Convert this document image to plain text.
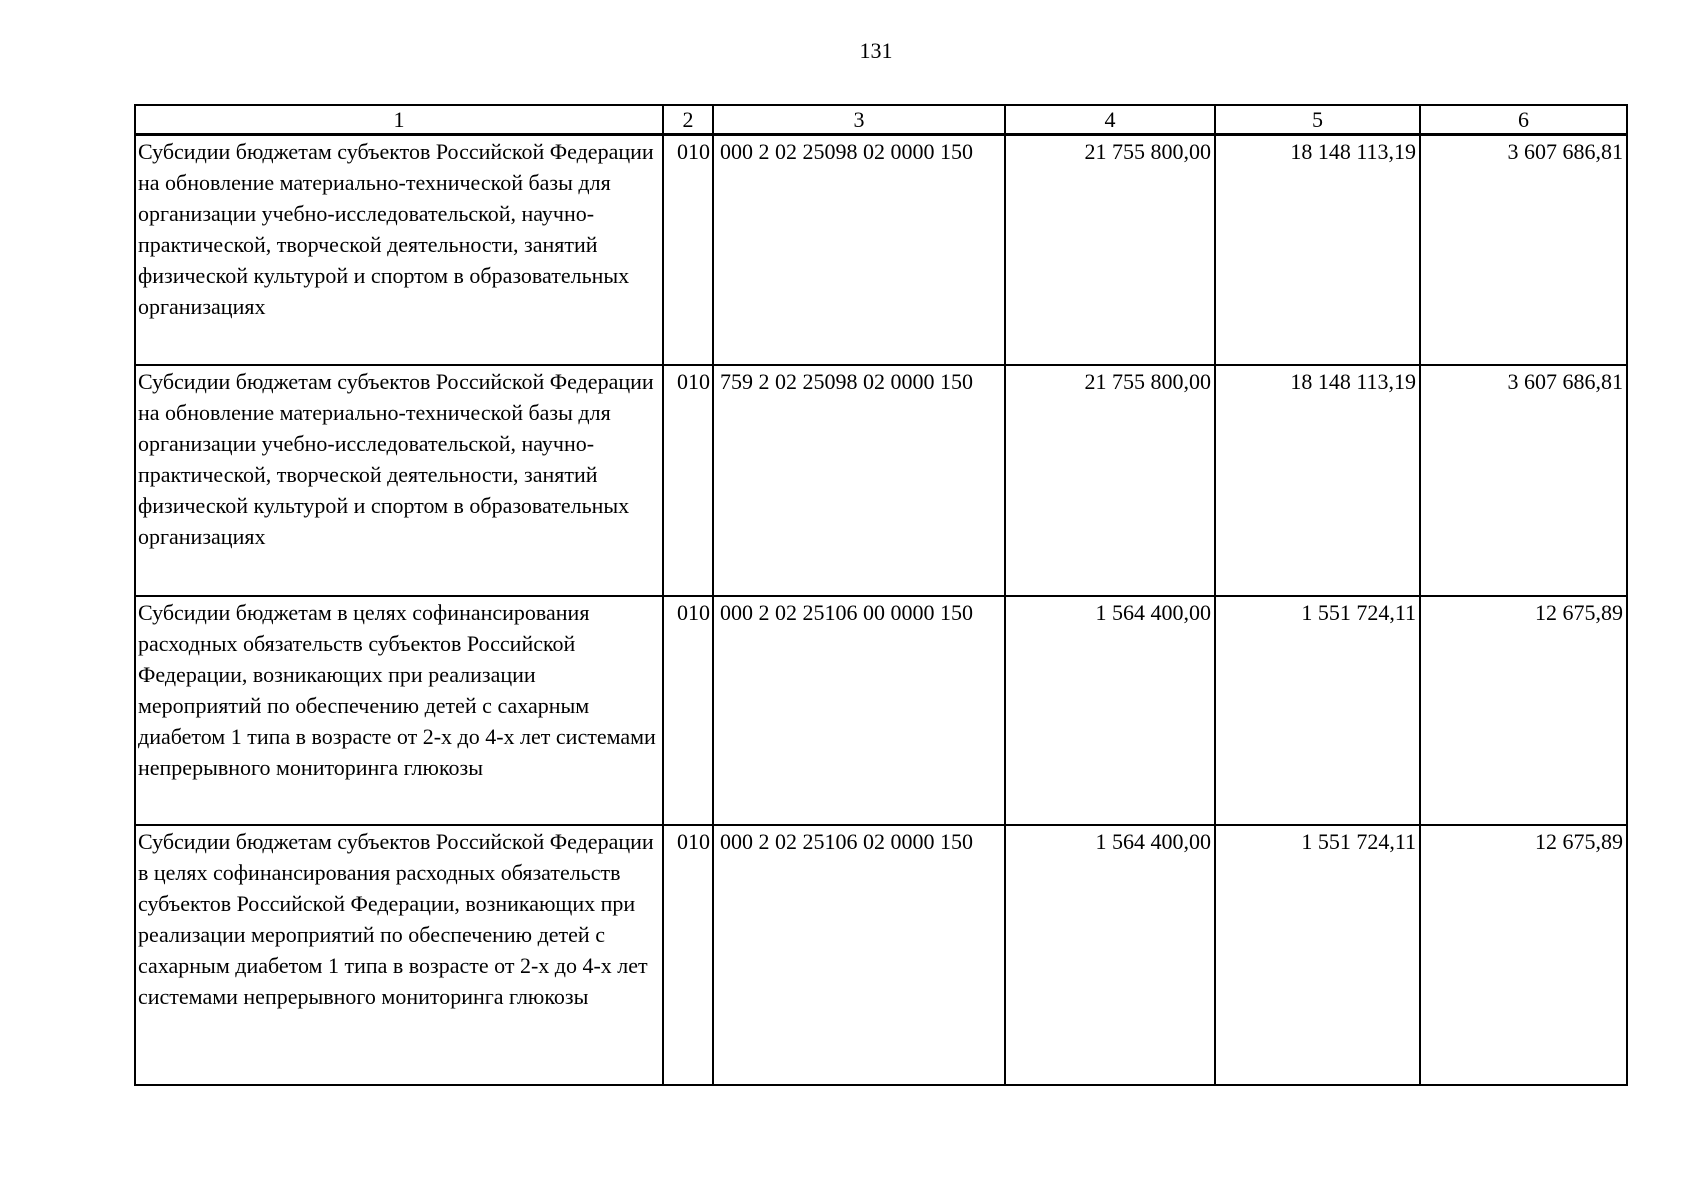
131
1	2	3	4	5	6
Субсидии бюджетам субъектов Российской Федерации на обновление материально-технической базы для организации учебно-исследовательской, научно-практической, творческой деятельности, занятий физической культурой и спортом в образовательных организациях	010	000 2 02 25098 02 0000 150	21 755 800,00	18 148 113,19	3 607 686,81
Субсидии бюджетам субъектов Российской Федерации на обновление материально-технической базы для организации учебно-исследовательской, научно-практической, творческой деятельности, занятий физической культурой и спортом в образовательных организациях	010	759 2 02 25098 02 0000 150	21 755 800,00	18 148 113,19	3 607 686,81
Субсидии бюджетам в целях софинансирования расходных обязательств субъектов Российской Федерации, возникающих при реализации мероприятий по обеспечению детей с сахарным диабетом 1 типа в возрасте от 2-х до 4-х лет системами непрерывного мониторинга глюкозы	010	000 2 02 25106 00 0000 150	1 564 400,00	1 551 724,11	12 675,89
Субсидии бюджетам субъектов Российской Федерации в целях софинансирования расходных обязательств субъектов Российской Федерации, возникающих при реализации мероприятий по обеспечению детей с сахарным диабетом 1 типа в возрасте от 2-х до 4-х лет системами непрерывного мониторинга глюкозы	010	000 2 02 25106 02 0000 150	1 564 400,00	1 551 724,11	12 675,89
